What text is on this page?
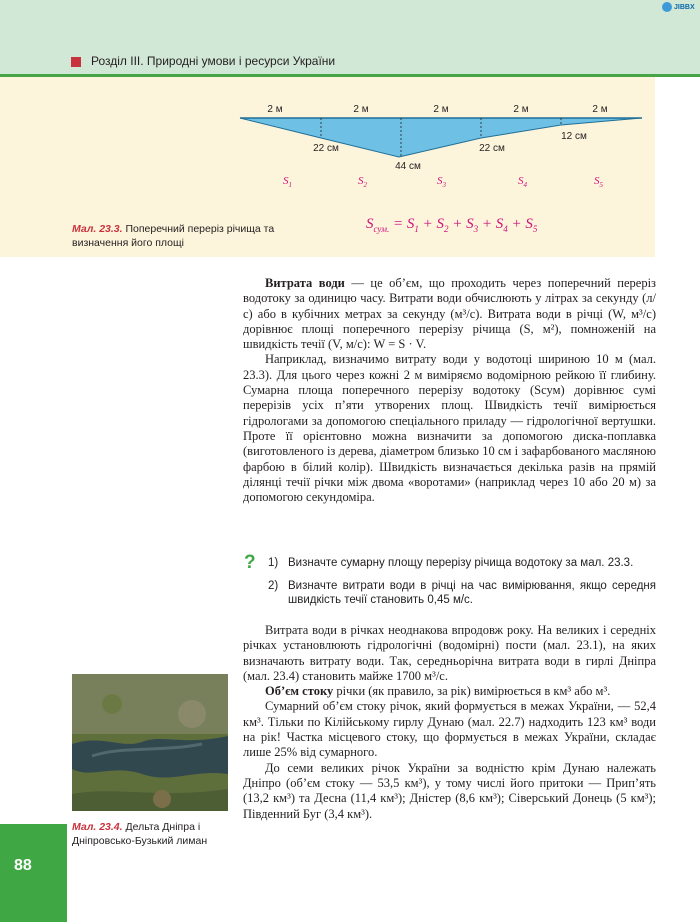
Розділ ІІІ. Природні умови і ресурси України
JIBBX
2 м	2 м	2 м	2 м	2 м
22 см
44 см
22 см
12 см
$S_1$	$S_2$	$S_3$	$S_4$	$S_5$
Мал. 23.3. Поперечний переріз річища та визначення його площі
$S_{сум.} = S_1 + S_2 + S_3 + S_4 + S_5$

Витрата води — це об’єм, що проходить через поперечний переріз водотоку за одиницю часу. Витрати води обчислюють у літрах за секунду (л/с) або в кубічних метрах за секунду (м³/с). Витрата води в річці (W, м³/с) дорівнює площі поперечного перерізу річища (S, м²), помноженій на швидкість течії (V, м/с): W = S · V.

Наприклад, визначимо витрату води у водотоці шириною 10 м (мал. 23.3). Для цього через кожні 2 м виміряємо водомірною рейкою її глибину. Сумарна площа поперечного перерізу водотоку (Sсум) дорівнює сумі перерізів усіх п’яти утворених площ. Швидкість течії вимірюється гідрологами за допомогою спеціального приладу — гідрологічної вертушки. Проте її орієнтовно можна визначити за допомогою диска-поплавка (виготовленого із дерева, діаметром близько 10 см і зафарбованого масляною фарбою в білий колір). Швидкість визначається декілька разів на прямій ділянці течії річки між двома «воротами» (наприклад через 10 або 20 м) за допомогою секундоміра.

? 1) Визначте сумарну площу перерізу річища водотоку за мал. 23.3.
2) Визначте витрати води в річці на час вимірювання, якщо середня швидкість течії становить 0,45 м/с.

Витрата води в річках неоднакова впродовж року. На великих і середніх річках установлюють гідрологічні (водомірні) пости (мал. 23.1), на яких визначають витрату води. Так, середньорічна витрата води в гирлі Дніпра (мал. 23.4) становить майже 1700 м³/с.

Об’єм стоку річки (як правило, за рік) вимірюється в км³ або м³.

Сумарний об’єм стоку річок, який формується в межах України, — 52,4 км³. Тільки по Кілійському гирлу Дунаю (мал. 22.7) надходить 123 км³ води на рік! Частка місцевого стоку, що формується в межах України, складає лише 25% від сумарного.

До семи великих річок України за водністю крім Дунаю належать Дніпро (об’єм стоку — 53,5 км³), у тому числі його притоки — Прип’ять (13,2 км³) та Десна (11,4 км³); Дністер (8,6 км³); Сіверський Донець (5 км³); Південний Буг (3,4 км³).

Мал. 23.4. Дельта Дніпра і Дніпровсько-Бузький лиман
88
